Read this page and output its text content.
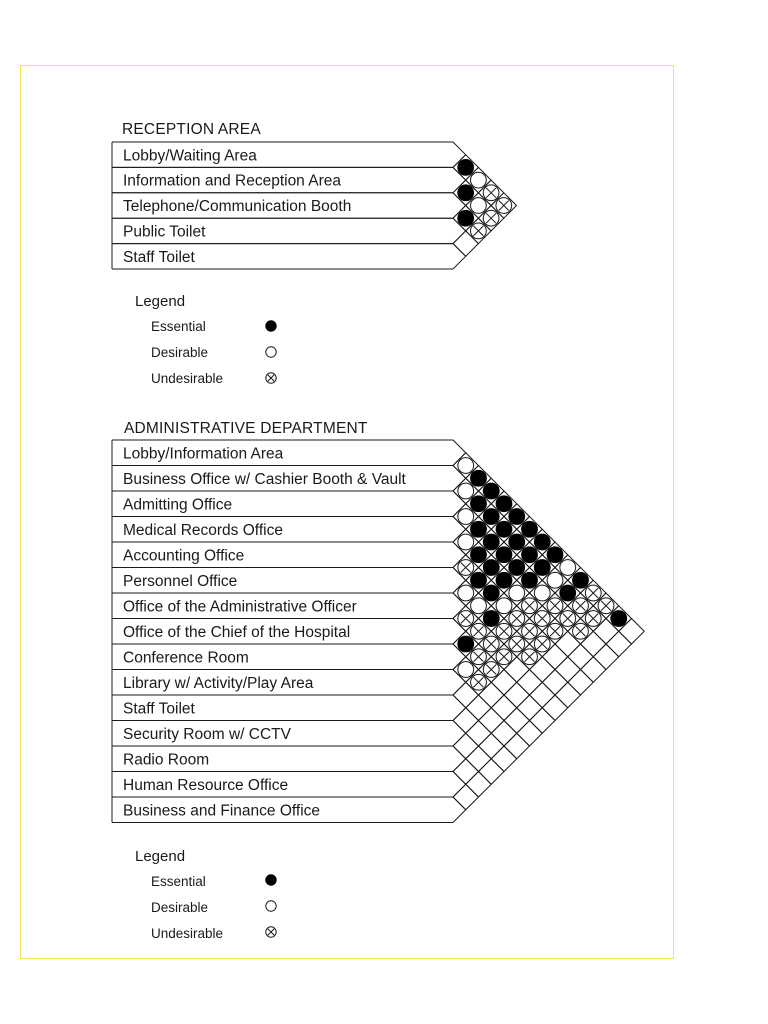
RECEPTION AREA
Lobby/Waiting Area
Information and Reception Area
Telephone/Communication Booth
Public Toilet
Staff Toilet
Legend
Essential
Desirable
Undesirable
ADMINISTRATIVE DEPARTMENT
Lobby/Information Area
Business Office w/ Cashier Booth & Vault
Admitting Office
Medical Records Office
Accounting Office
Personnel Office
Office of the Administrative Officer
Office of the Chief of the Hospital
Conference Room
Library w/ Activity/Play Area
Staff Toilet
Security Room w/ CCTV
Radio Room
Human Resource Office
Business and Finance Office
Legend
Essential
Desirable
Undesirable
